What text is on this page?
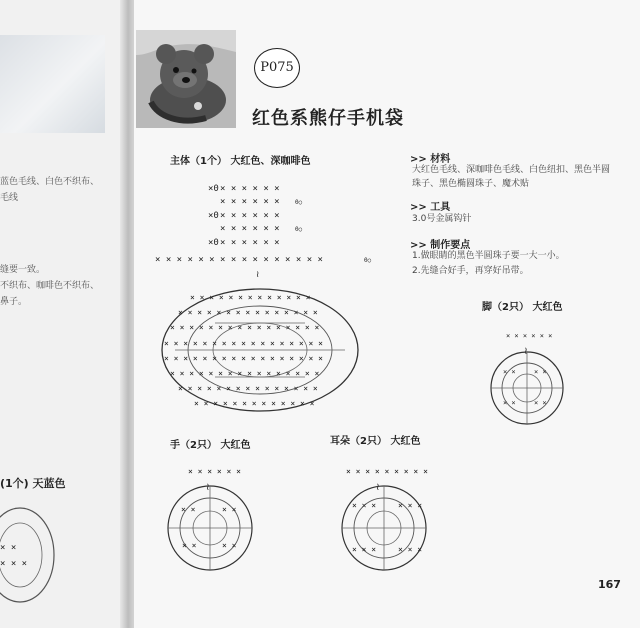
蓝色毛线、白色不织布、
毛线
缝要一致。
不织布、咖啡色不织布、
鼻子。
(1个) 天蓝色
× ×
× × ×
P075
红色系熊仔手机袋
主体（1个） 大红色、深咖啡色
手（2只） 大红色	耳朵（2只） 大红色
脚（2只） 大红色
>> 材料
大红色毛线、深咖啡色毛线、白色纽扣、黑色半圆
珠子、黑色椭圆珠子、魔术贴
>> 工具
3.0号金属钩针
>> 制作要点
1.做眼睛的黑色半圆珠子要一大一小。
2.先缝合好手，再穿好吊带。
×0 × × × × × ×
× × × × × ×	0○
×0 × × × × × ×
× × × × × ×	0○
×0 × × × × × ×
× × × × × × × × × × × × × × × ×	0○
≀
× × × × × × × × × × × × ×
× × × × × × × × × × × × × × ×
× × × × × × × × × × × × × × × ×
× × × × × × × × × × × × × × × × ×
× × × × × × × × × × × × × × × × ×
× × × × × × × × × × × × × × × ×
× × × × × × × × × × × × × × ×
× × × × × × × × × × × × ×
× × × × × ×
≀
× ×	× ×
× ×	× ×
× × × × × × × × ×
≀
× × ×	× × ×
× × ×	× × ×
× × × × × ×
≀
× ×	× ×
× ×	× ×
167
